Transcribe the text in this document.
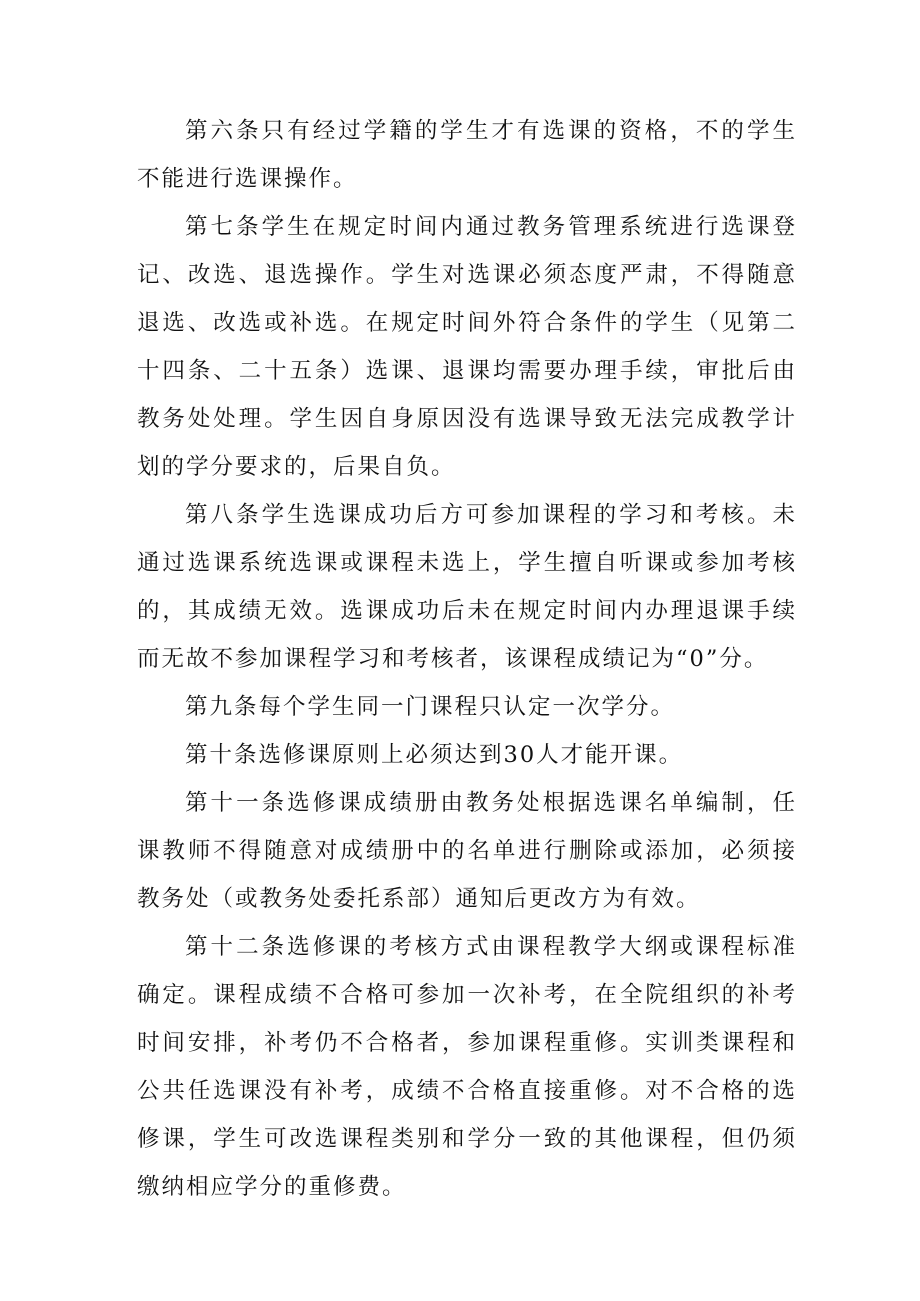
第六条只有经过学籍的学生才有选课的资格，不的学生不能进行选课操作。

第七条学生在规定时间内通过教务管理系统进行选课登记、改选、退选操作。学生对选课必须态度严肃，不得随意退选、改选或补选。在规定时间外符合条件的学生（见第二十四条、二十五条）选课、退课均需要办理手续，审批后由教务处处理。学生因自身原因没有选课导致无法完成教学计划的学分要求的，后果自负。

第八条学生选课成功后方可参加课程的学习和考核。未通过选课系统选课或课程未选上，学生擅自听课或参加考核的，其成绩无效。选课成功后未在规定时间内办理退课手续而无故不参加课程学习和考核者，该课程成绩记为“0”分。

第九条每个学生同一门课程只认定一次学分。

第十条选修课原则上必须达到30人才能开课。

第十一条选修课成绩册由教务处根据选课名单编制，任课教师不得随意对成绩册中的名单进行删除或添加，必须接教务处（或教务处委托系部）通知后更改方为有效。

第十二条选修课的考核方式由课程教学大纲或课程标准确定。课程成绩不合格可参加一次补考，在全院组织的补考时间安排，补考仍不合格者，参加课程重修。实训类课程和公共任选课没有补考，成绩不合格直接重修。对不合格的选修课，学生可改选课程类别和学分一致的其他课程，但仍须缴纳相应学分的重修费。
